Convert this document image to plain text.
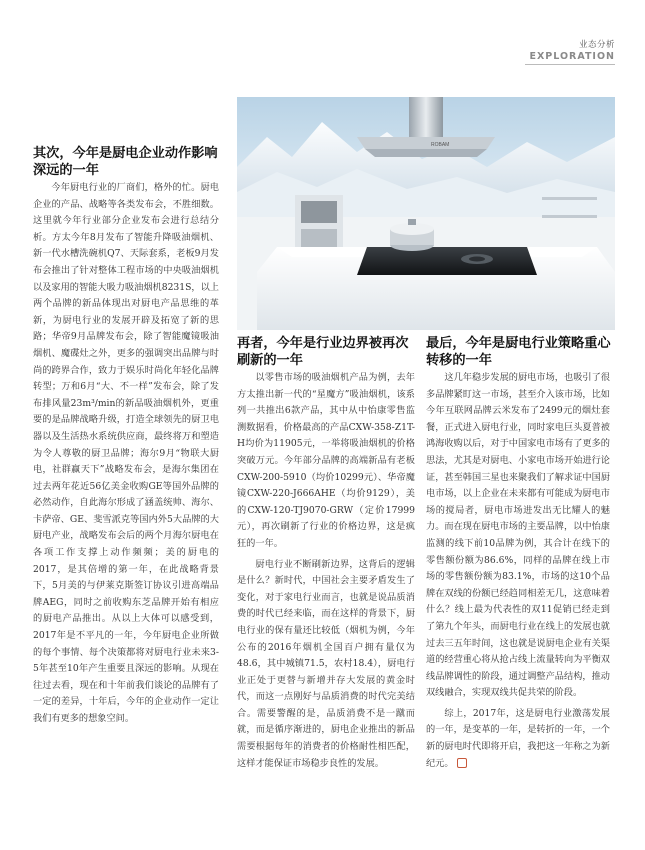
业态分析
EXPLORATION
ROBAM
其次，今年是厨电企业动作影响深远的一年

今年厨电行业的厂商们，格外的忙。厨电企业的产品、战略等各类发布会，不胜细数。这里就今年行业部分企业发布会进行总结分析。方太今年8月发布了智能升降吸油烟机、新一代水槽洗碗机Q7、天际套系，老板9月发布会推出了针对整体工程市场的中央吸油烟机以及家用的智能大吸力吸油烟机8231S，以上两个品牌的新品体现出对厨电产品思维的革新，为厨电行业的发展开辟及拓宽了新的思路；华帝9月品牌发布会，除了智能魔镜吸油烟机、魔碟灶之外，更多的强调突出品牌与时尚的跨界合作，致力于娱乐时尚化年轻化品牌转型；万和6月“大、不一样”发布会，除了发布排风量23m³/min的新品吸油烟机外，更重要的是品牌战略升级，打造全球领先的厨卫电器以及生活热水系统供应商，最终将万和塑造为令人尊敬的厨卫品牌；海尔9月“物联大厨电，社群赢天下”战略发布会，是海尔集团在过去两年花近56亿美金收购GE等国外品牌的必然动作，自此海尔形成了涵盖统帅、海尔、卡萨帝、GE、斐雪派克等国内外5大品牌的大厨电产业，战略发布会后的两个月海尔厨电在各项工作支撑上动作频频；美的厨电的2017，是其倍增的第一年，在此战略背景下，5月美的与伊莱克斯签订协议引进高端品牌AEG，同时之前收购东芝品牌开始有相应的厨电产品推出。从以上大体可以感受到，2017年是不平凡的一年，今年厨电企业所做的每个事情、每个决策都将对厨电行业未来3-5年甚至10年产生重要且深远的影响。从现在往过去看，现在和十年前我们谈论的品牌有了一定的差异，十年后，今年的企业动作一定让我们有更多的想象空间。

再者，今年是行业边界被再次刷新的一年

以零售市场的吸油烟机产品为例，去年方太推出新一代的“星魔方”吸油烟机，该系列一共推出6款产品，其中从中怡康零售监测数据看，价格最高的产品CXW-358-Z1T-H均价为11905元，一举将吸油烟机的价格突破万元。今年部分品牌的高端新品有老板CXW-200-5910（均价10299元）、华帝魔镜CXW-220-J666AHE（均价9129），美的CXW-120-TJ9070-GRW（定价17999元），再次刷新了行业的价格边界，这是疯狂的一年。

厨电行业不断刷新边界，这背后的逻辑是什么？新时代，中国社会主要矛盾发生了变化，对于家电行业而言，也就是说品质消费的时代已经来临，而在这样的背景下，厨电行业的保有量还比较低（烟机为例，今年公布的2016年烟机全国百户拥有量仅为48.6，其中城镇71.5，农村18.4），厨电行业正处于更替与新增并存大发展的黄金时代，而这一点刚好与品质消费的时代完美结合。需要警醒的是，品质消费不是一蹴而就，而是循序渐进的，厨电企业推出的新品需要根据每年的消费者的价格耐性相匹配，这样才能保证市场稳步良性的发展。

最后，今年是厨电行业策略重心转移的一年

这几年稳步发展的厨电市场，也吸引了很多品牌紧盯这一市场，甚至介入该市场，比如今年互联网品牌云米发布了2499元的烟灶套餐，正式进入厨电行业，同时家电巨头夏普被鸿海收购以后，对于中国家电市场有了更多的思法，尤其是对厨电、小家电市场开始进行论证，甚至韩国三星也来聚我们了解求证中国厨电市场，以上企业在未来都有可能成为厨电市场的搅局者，厨电市场进发出无比耀人的魅力。而在现在厨电市场的主要品牌，以中怡康监测的线下前10品牌为例，其合计在线下的零售额份额为86.6%，同样的品牌在线上市场的零售额份额为83.1%，市场的这10个品牌在双线的份额已经趋同相差无几，这意味着什么？线上最为代表性的双11促销已经走到了第九个年头，而厨电行业在线上的发展也就过去三五年时间，这也就是说厨电企业有关渠道的经营重心将从抢占线上流量转向为平衡双线品牌调性的阶段，通过调整产品结构，推动双线融合，实现双线共促共荣的阶段。

综上，2017年，这是厨电行业激荡发展的一年，是变革的一年，是转折的一年，一个新的厨电时代即将开启，我把这一年称之为新纪元。
